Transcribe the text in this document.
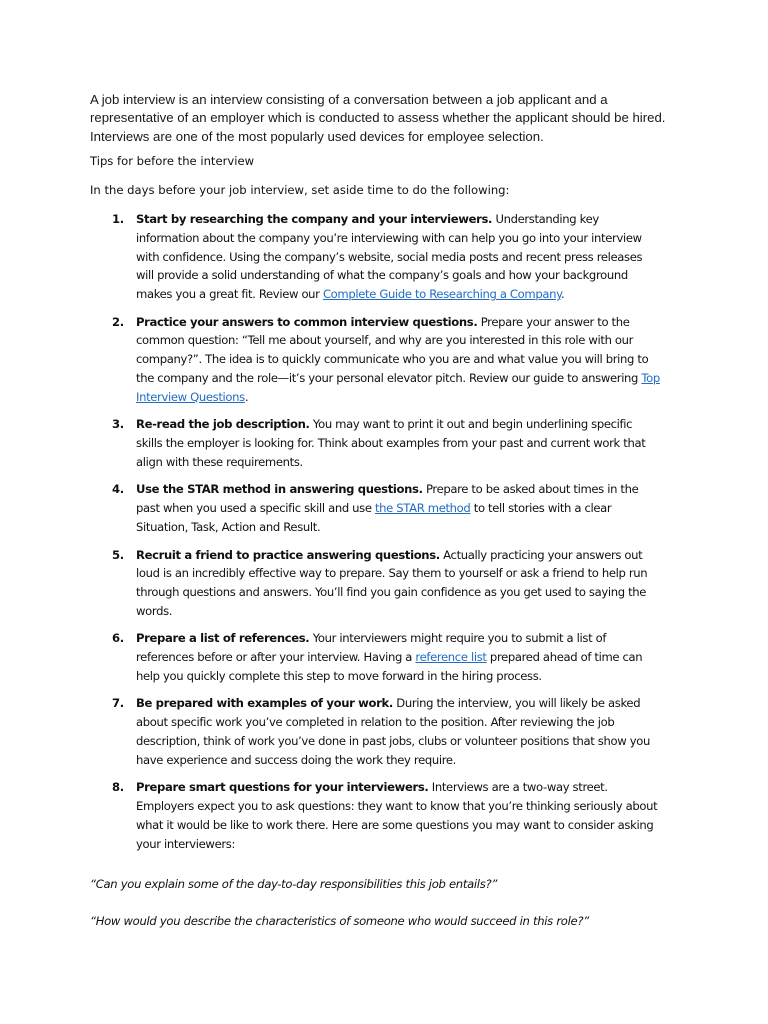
A job interview is an interview consisting of a conversation between a job applicant and a representative of an employer which is conducted to assess whether the applicant should be hired. Interviews are one of the most popularly used devices for employee selection.

Tips for before the interview

In the days before your job interview, set aside time to do the following:

1. Start by researching the company and your interviewers. Understanding key information about the company you’re interviewing with can help you go into your interview with confidence. Using the company’s website, social media posts and recent press releases will provide a solid understanding of what the company’s goals and how your background makes you a great fit. Review our Complete Guide to Researching a Company.
2. Practice your answers to common interview questions. Prepare your answer to the common question: “Tell me about yourself, and why are you interested in this role with our company?”. The idea is to quickly communicate who you are and what value you will bring to the company and the role—it’s your personal elevator pitch. Review our guide to answering Top Interview Questions.
3. Re-read the job description. You may want to print it out and begin underlining specific skills the employer is looking for. Think about examples from your past and current work that align with these requirements.
4. Use the STAR method in answering questions. Prepare to be asked about times in the past when you used a specific skill and use the STAR method to tell stories with a clear Situation, Task, Action and Result.
5. Recruit a friend to practice answering questions. Actually practicing your answers out loud is an incredibly effective way to prepare. Say them to yourself or ask a friend to help run through questions and answers. You’ll find you gain confidence as you get used to saying the words.
6. Prepare a list of references. Your interviewers might require you to submit a list of references before or after your interview. Having a reference list prepared ahead of time can help you quickly complete this step to move forward in the hiring process.
7. Be prepared with examples of your work. During the interview, you will likely be asked about specific work you’ve completed in relation to the position. After reviewing the job description, think of work you’ve done in past jobs, clubs or volunteer positions that show you have experience and success doing the work they require.
8. Prepare smart questions for your interviewers. Interviews are a two-way street. Employers expect you to ask questions: they want to know that you’re thinking seriously about what it would be like to work there. Here are some questions you may want to consider asking your interviewers:

“Can you explain some of the day-to-day responsibilities this job entails?”

“How would you describe the characteristics of someone who would succeed in this role?”
